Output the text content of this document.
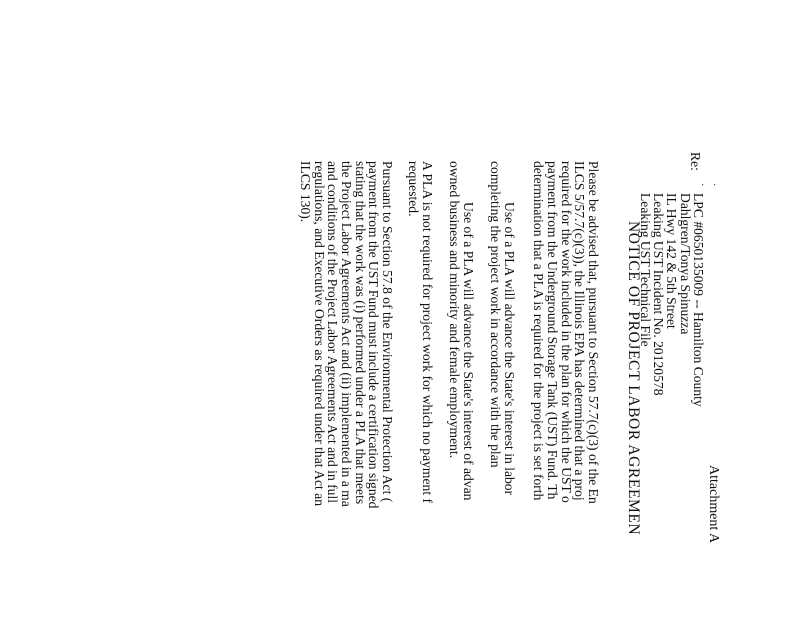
·
·
Attachment A
Re:
LPC #0650135009 -- Hamilton County
Dahlgren/Tonya Spinuzza
IL Hwy 142 & 5th Street
Leaking UST Incident No. 20120578
Leaking UST Technical File
NOTICE OF PROJECT LABOR AGREEMEN
Please be advised that, pursuant to Section 57.7(c)(3) of the En
ILCS 5/57.7(c)(3)), the Illinois EPA has determined that a proj
required for the work included in the plan for which the UST o
payment from the Underground Storage Tank (UST) Fund. Th
determination that a PLA is required for the project is set forth
Use of a PLA will advance the State's interest in labor
completing the project work in accordance with the plan
Use of a PLA will advance the State's interest of advan
owned business and minority and female employment.
A PLA is not required for project work for which no payment f
requested.
Pursuant to Section 57.8 of the Environmental Protection Act (
payment from the UST Fund must include a certification signed
stating that the work was (i) performed under a PLA that meets
the Project Labor Agreements Act and (ii) implemented in a ma
and conditions of the Project Labor Agreements Act and in full
regulations, and Executive Orders as required under that Act an
ILCS 130).
